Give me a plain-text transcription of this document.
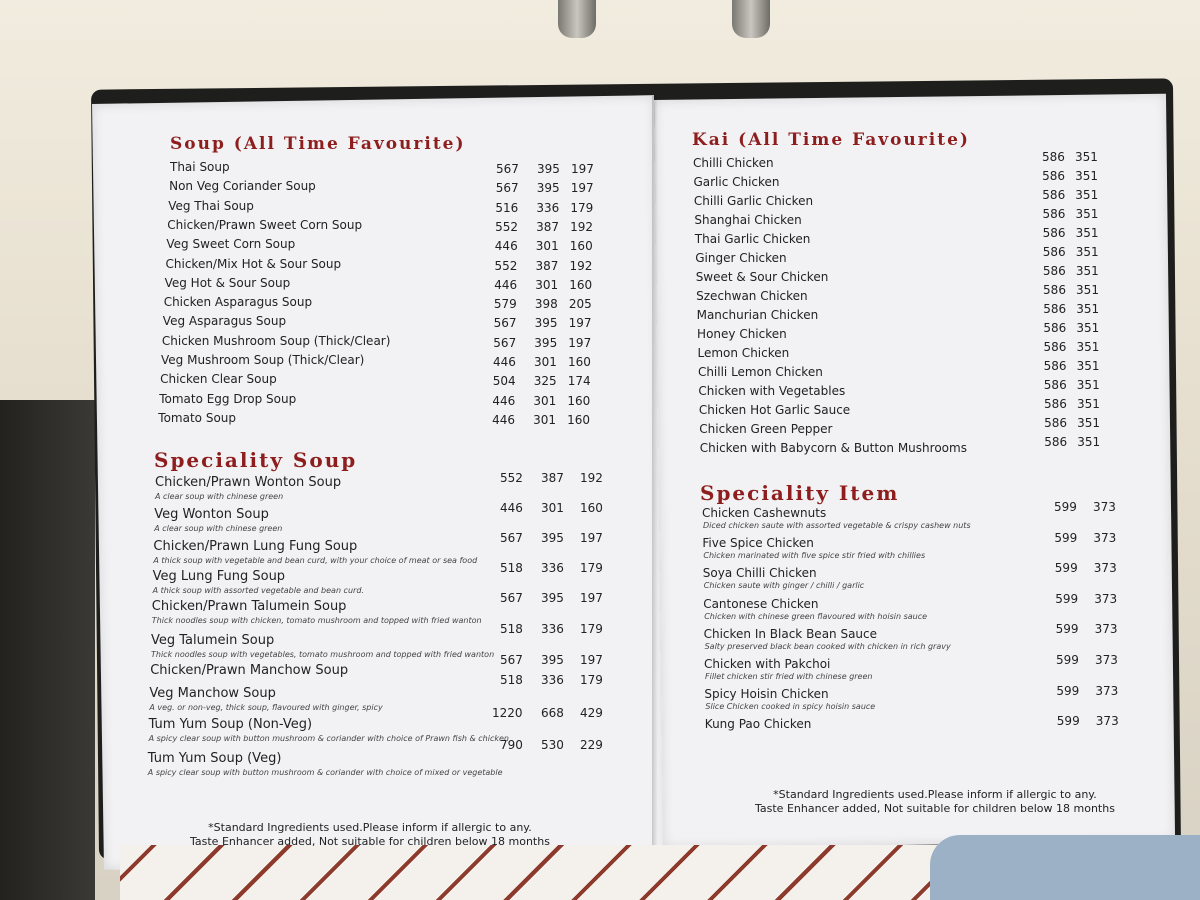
Soup (All Time Favourite)
Thai Soup	567 395 197
Non Veg Coriander Soup	567 395 197
Veg Thai Soup	516 336 179
Chicken/Prawn Sweet Corn Soup	552 387 192
Veg Sweet Corn Soup	446 301 160
Chicken/Mix Hot & Sour Soup	552 387 192
Veg Hot & Sour Soup	446 301 160
Chicken Asparagus Soup	579 398 205
Veg Asparagus Soup	567 395 197
Chicken Mushroom Soup (Thick/Clear)	567 395 197
Veg Mushroom Soup (Thick/Clear)	446 301 160
Chicken Clear Soup	504 325 174
Tomato Egg Drop Soup	446 301 160
Tomato Soup	446 301 160
Speciality Soup
Chicken/Prawn Wonton Soup
A clear soup with chinese green
552 387 192
Veg Wonton Soup
A clear soup with chinese green
446 301 160
Chicken/Prawn Lung Fung Soup
A thick soup with vegetable and bean curd, with your choice of meat or sea food
567 395 197
Veg Lung Fung Soup
A thick soup with assorted vegetable and bean curd.
518 336 179
Chicken/Prawn Talumein Soup
Thick noodles soup with chicken, tomato mushroom and topped with fried wanton
567 395 197
Veg Talumein Soup
Thick noodles soup with vegetables, tomato mushroom and topped with fried wanton
518 336 179
Chicken/Prawn Manchow Soup
567 395 197
Veg Manchow Soup
A veg. or non-veg, thick soup, flavoured with ginger, spicy
518 336 179
Tum Yum Soup (Non-Veg)
A spicy clear soup with button mushroom & coriander with choice of Prawn fish & chicken
1220 668 429
Tum Yum Soup (Veg)
A spicy clear soup with button mushroom & coriander with choice of mixed or vegetable
790 530 229
*Standard Ingredients used.Please inform if allergic to any.
Taste Enhancer added, Not suitable for children below 18 months
Kai (All Time Favourite)
Chilli Chicken	586 351
Garlic Chicken	586 351
Chilli Garlic Chicken	586 351
Shanghai Chicken	586 351
Thai Garlic Chicken	586 351
Ginger Chicken	586 351
Sweet & Sour Chicken	586 351
Szechwan Chicken	586 351
Manchurian Chicken	586 351
Honey Chicken	586 351
Lemon Chicken	586 351
Chilli Lemon Chicken	586 351
Chicken with Vegetables	586 351
Chicken Hot Garlic Sauce	586 351
Chicken Green Pepper	586 351
Chicken with Babycorn & Button Mushrooms	586 351
Speciality Item
Chicken Cashewnuts
Diced chicken saute with assorted vegetable & crispy cashew nuts
599 373
Five Spice Chicken
Chicken marinated with five spice stir fried with chillies
599 373
Soya Chilli Chicken
Chicken saute with ginger / chilli / garlic
599 373
Cantonese Chicken
Chicken with chinese green flavoured with hoisin sauce
599 373
Chicken In Black Bean Sauce
Salty preserved black bean cooked with chicken in rich gravy
599 373
Chicken with Pakchoi
Fillet chicken stir fried with chinese green
599 373
Spicy Hoisin Chicken
Slice Chicken cooked in spicy hoisin sauce
599 373
Kung Pao Chicken	599 373
*Standard Ingredients used.Please inform if allergic to any.
Taste Enhancer added, Not suitable for children below 18 months
